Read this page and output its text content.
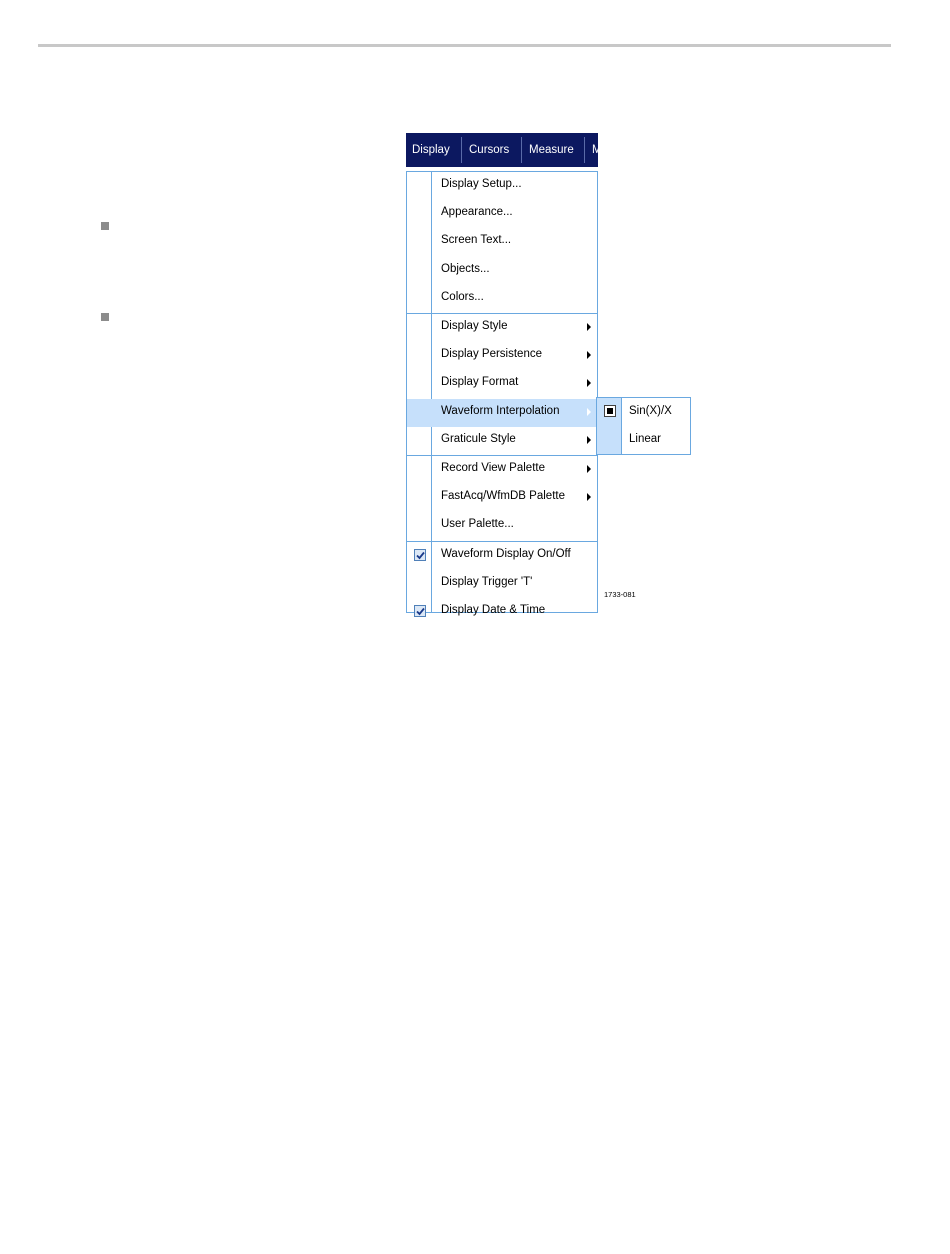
Display Cursors Measure M
Display Setup...
Appearance...
Screen Text...
Objects...
Colors...
Display Style
Display Persistence
Display Format
Waveform Interpolation
Graticule Style
Record View Palette
FastAcq/WfmDB Palette
User Palette...
Waveform Display On/Off
Display Trigger 'T'
Display Date & Time
Sin(X)/X
Linear
1733-081
